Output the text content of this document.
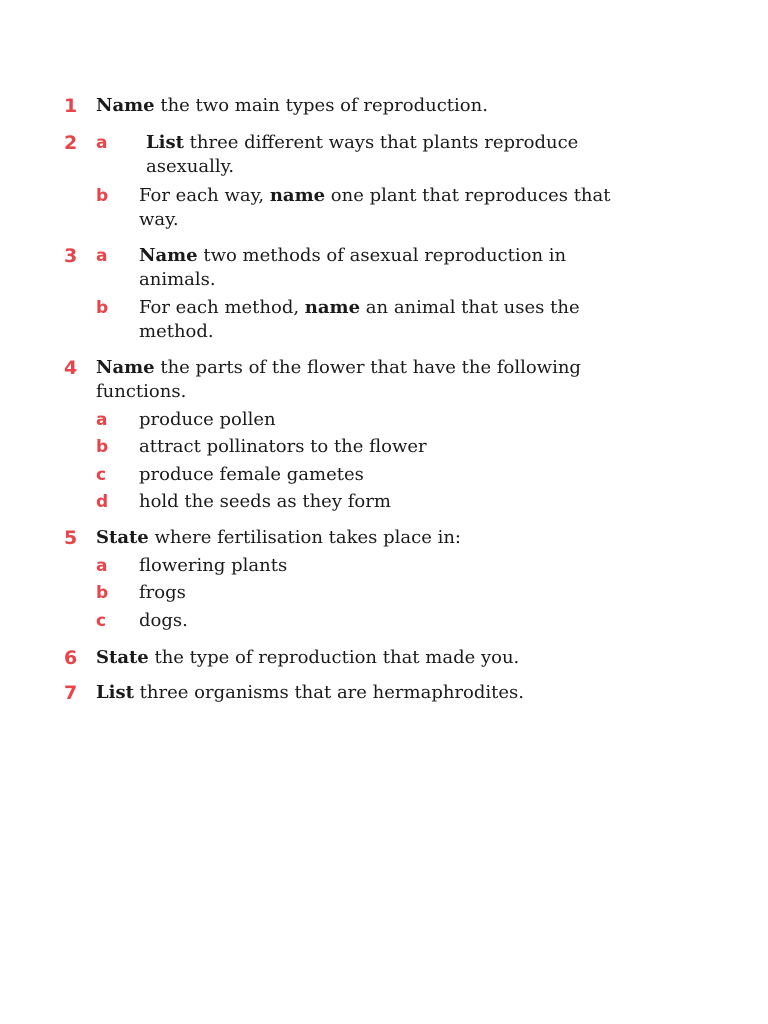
1 Name the two main types of reproduction.
2 a List three different ways that plants reproduce
asexually.
b For each way, name one plant that reproduces that
way.
3 a Name two methods of asexual reproduction in
animals.
b For each method, name an animal that uses the
method.
4 Name the parts of the flower that have the following
functions.
a produce pollen
b attract pollinators to the flower
c produce female gametes
d hold the seeds as they form
5 State where fertilisation takes place in:
a flowering plants
b frogs
c dogs.
6 State the type of reproduction that made you.
7 List three organisms that are hermaphrodites.
